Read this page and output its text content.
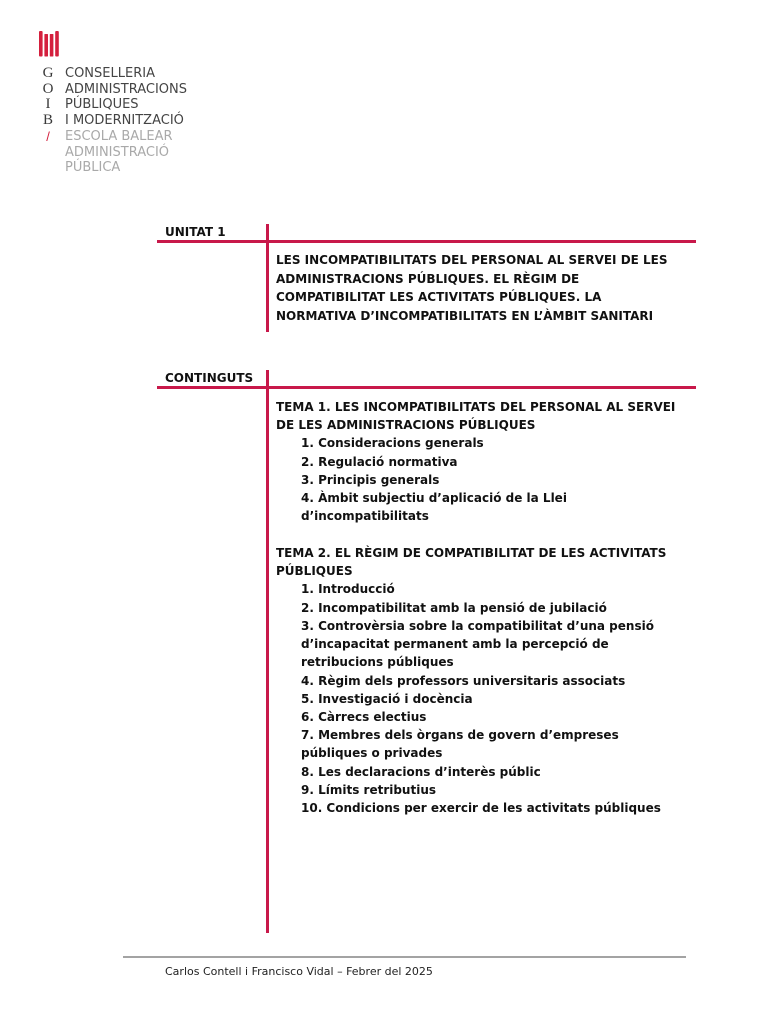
G
O
I
B
/
CONSELLERIA
ADMINISTRACIONS
PÚBLIQUES
I MODERNITZACIÓ
ESCOLA BALEAR
ADMINISTRACIÓ
PÚBLICA
UNITAT 1
LES INCOMPATIBILITATS DEL PERSONAL AL SERVEI DE LES
ADMINISTRACIONS PÚBLIQUES. EL RÈGIM DE
COMPATIBILITAT LES ACTIVITATS PÚBLIQUES. LA
NORMATIVA D’INCOMPATIBILITATS EN L’ÀMBIT SANITARI
CONTINGUTS
TEMA 1. LES INCOMPATIBILITATS DEL PERSONAL AL SERVEI
DE LES ADMINISTRACIONS PÚBLIQUES
1. Consideracions generals
2. Regulació normativa
3. Principis generals
4. Àmbit subjectiu d’aplicació de la Llei
d’incompatibilitats
TEMA 2. EL RÈGIM DE COMPATIBILITAT DE LES ACTIVITATS
PÚBLIQUES
1. Introducció
2. Incompatibilitat amb la pensió de jubilació
3. Controvèrsia sobre la compatibilitat d’una pensió
d’incapacitat permanent amb la percepció de
retribucions públiques
4. Règim dels professors universitaris associats
5. Investigació i docència
6. Càrrecs electius
7. Membres dels òrgans de govern d’empreses
públiques o privades
8. Les declaracions d’interès públic
9. Límits retributius
10. Condicions per exercir de les activitats públiques
Carlos Contell i Francisco Vidal – Febrer del 2025
